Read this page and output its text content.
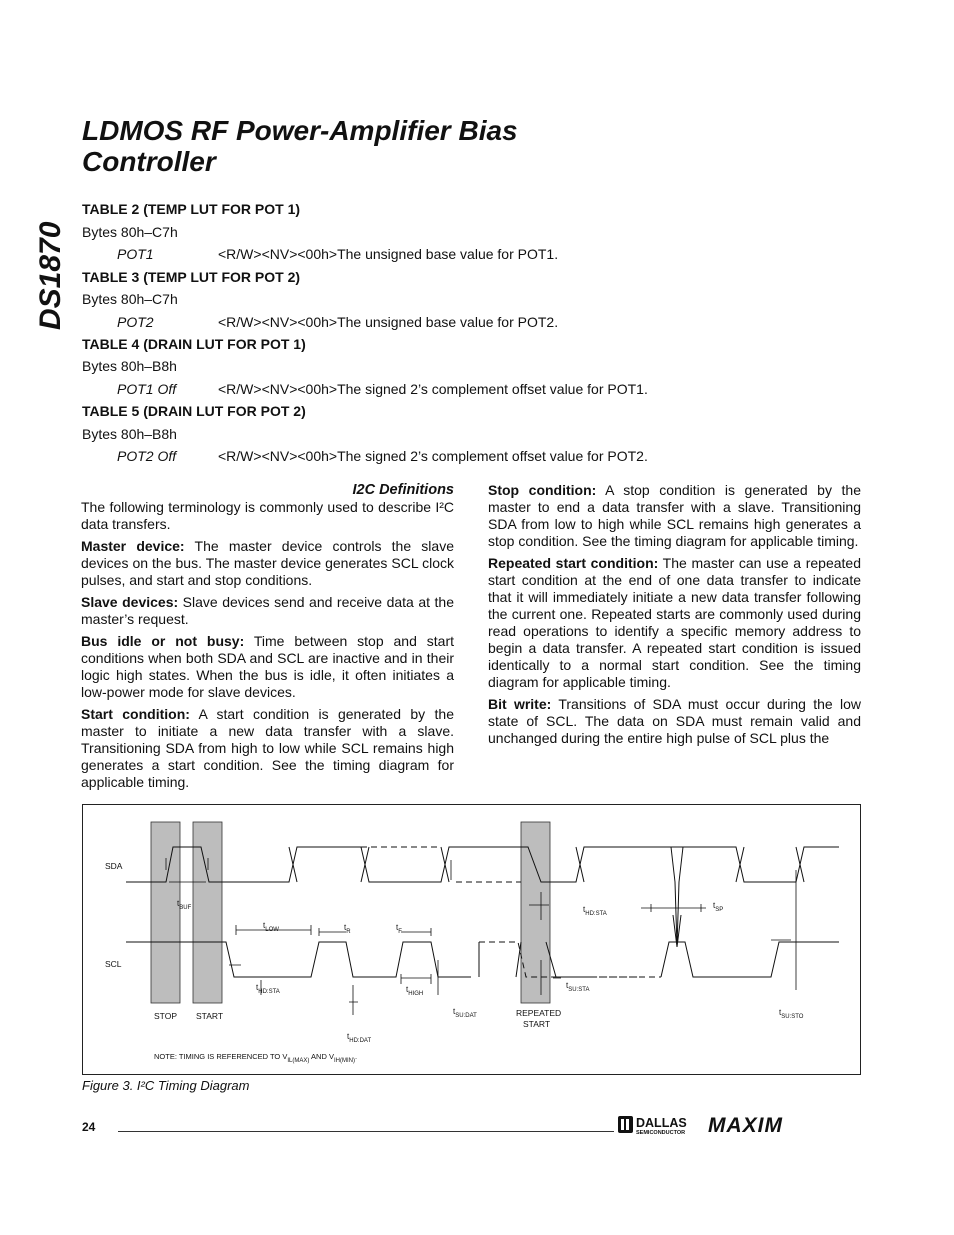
LDMOS RF Power-Amplifier Bias
Controller
DS1870
TABLE 2 (TEMP LUT FOR POT 1)
Bytes 80h–C7h
POT1	<R/W><NV><00h>The unsigned base value for POT1.
TABLE 3 (TEMP LUT FOR POT 2)
Bytes 80h–C7h
POT2	<R/W><NV><00h>The unsigned base value for POT2.
TABLE 4 (DRAIN LUT FOR POT 1)
Bytes 80h–B8h
POT1 Off	<R/W><NV><00h>The signed 2’s complement offset value for POT1.
TABLE 5 (DRAIN LUT FOR POT 2)
Bytes 80h–B8h
POT2 Off	<R/W><NV><00h>The signed 2’s complement offset value for POT2.
I2C Definitions

The following terminology is commonly used to describe I²C data transfers.

Master device: The master device controls the slave devices on the bus. The master device generates SCL clock pulses, and start and stop conditions.

Slave devices: Slave devices send and receive data at the master’s request.

Bus idle or not busy: Time between stop and start conditions when both SDA and SCL are inactive and in their logic high states. When the bus is idle, it often initiates a low-power mode for slave devices.

Start condition: A start condition is generated by the master to initiate a new data transfer with a slave. Transitioning SDA from high to low while SCL remains high generates a start condition. See the timing diagram for applicable timing.

Stop condition: A stop condition is generated by the master to end a data transfer with a slave. Transitioning SDA from low to high while SCL remains high generates a stop condition. See the timing diagram for applicable timing.

Repeated start condition: The master can use a repeated start condition at the end of one data transfer to indicate that it will immediately initiate a new data transfer following the current one. Repeated starts are commonly used during read operations to identify a specific memory address to begin a data transfer. A repeated start condition is issued identically to a normal start condition. See the timing diagram for applicable timing.

Bit write: Transitions of SDA must occur during the low state of SCL. The data on SDA must remain valid and unchanged during the entire high pulse of SCL plus the

SDA
SCL
STOP START	REPEATED
START
$t_{BUF}$
$t_{LOW}$	$t_R$	$t_F$
$t_{HD:STA}$	$t_{HIGH}$
$t_{SU:DAT}$
$t_{SU:STA}$
$t_{HD:STA}$
$t_{SP}$
$t_{SU:STO}$
$t_{HD:DAT}$
NOTE: TIMING IS REFERENCED TO $V_{IL(MAX)}$ AND $V_{IH(MIN)}$.
Figure 3. I²C Timing Diagram
24	DALLAS
SEMICONDUCTOR MAXIM
